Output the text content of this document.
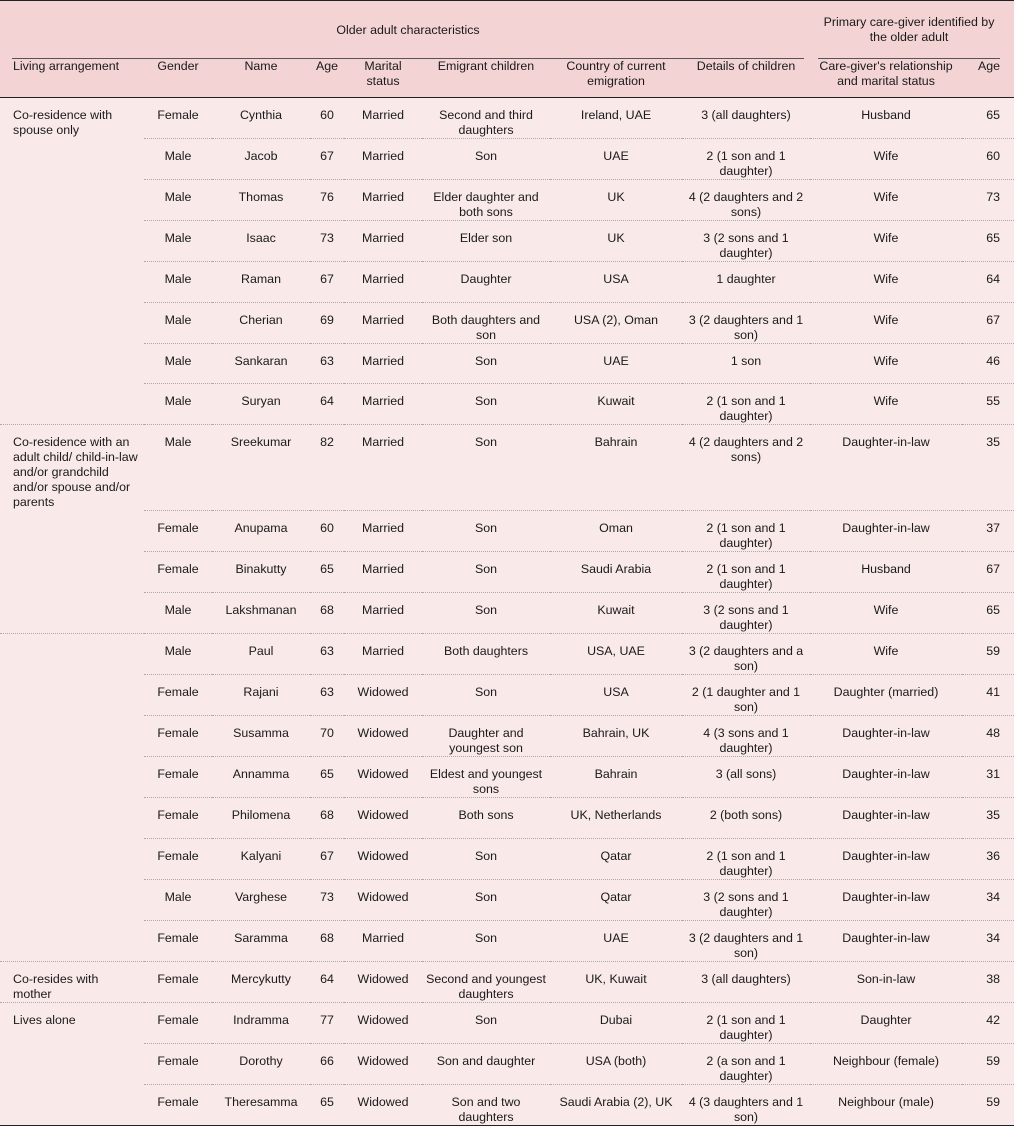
Older adult characteristics								Primary care-giver identified by the older adult	

Living arrangement	Gender	Name	Age	Marital status	Emigrant children	Country of current emigration	Details of children	Care-giver's relationship and marital status	Age
Co-residence with spouse only	Female	Cynthia	60	Married	Second and third daughters	Ireland, UAE	3 (all daughters)	Husband	65
	Male	Jacob	67	Married	Son	UAE	2 (1 son and 1 daughter)	Wife	60
	Male	Thomas	76	Married	Elder daughter and both sons	UK	4 (2 daughters and 2 sons)	Wife	73
	Male	Isaac	73	Married	Elder son	UK	3 (2 sons and 1 daughter)	Wife	65
	Male	Raman	67	Married	Daughter	USA	1 daughter	Wife	64
	Male	Cherian	69	Married	Both daughters and son	USA (2), Oman	3 (2 daughters and 1 son)	Wife	67
	Male	Sankaran	63	Married	Son	UAE	1 son	Wife	46
	Male	Suryan	64	Married	Son	Kuwait	2 (1 son and 1 daughter)	Wife	55
Co-residence with an adult child/ child-in-law and/or grandchild and/or spouse and/or parents	Male	Sreekumar	82	Married	Son	Bahrain	4 (2 daughters and 2 sons)	Daughter-in-law	35
	Female	Anupama	60	Married	Son	Oman	2 (1 son and 1 daughter)	Daughter-in-law	37
	Female	Binakutty	65	Married	Son	Saudi Arabia	2 (1 son and 1 daughter)	Husband	67
	Male	Lakshmanan	68	Married	Son	Kuwait	3 (2 sons and 1 daughter)	Wife	65
	Male	Paul	63	Married	Both daughters	USA, UAE	3 (2 daughters and a son)	Wife	59
	Female	Rajani	63	Widowed	Son	USA	2 (1 daughter and 1 son)	Daughter (married)	41
	Female	Susamma	70	Widowed	Daughter and youngest son	Bahrain, UK	4 (3 sons and 1 daughter)	Daughter-in-law	48
	Female	Annamma	65	Widowed	Eldest and youngest sons	Bahrain	3 (all sons)	Daughter-in-law	31
	Female	Philomena	68	Widowed	Both sons	UK, Netherlands	2 (both sons)	Daughter-in-law	35
	Female	Kalyani	67	Widowed	Son	Qatar	2 (1 son and 1 daughter)	Daughter-in-law	36
	Male	Varghese	73	Widowed	Son	Qatar	3 (2 sons and 1 daughter)	Daughter-in-law	34
	Female	Saramma	68	Married	Son	UAE	3 (2 daughters and 1 son)	Daughter-in-law	34
Co-resides with mother	Female	Mercykutty	64	Widowed	Second and youngest daughters	UK, Kuwait	3 (all daughters)	Son-in-law	38
Lives alone	Female	Indramma	77	Widowed	Son	Dubai	2 (1 son and 1 daughter)	Daughter	42
	Female	Dorothy	66	Widowed	Son and daughter	USA (both)	2 (a son and 1 daughter)	Neighbour (female)	59
	Female	Theresamma	65	Widowed	Son and two daughters	Saudi Arabia (2), UK	4 (3 daughters and 1 son)	Neighbour (male)	59
